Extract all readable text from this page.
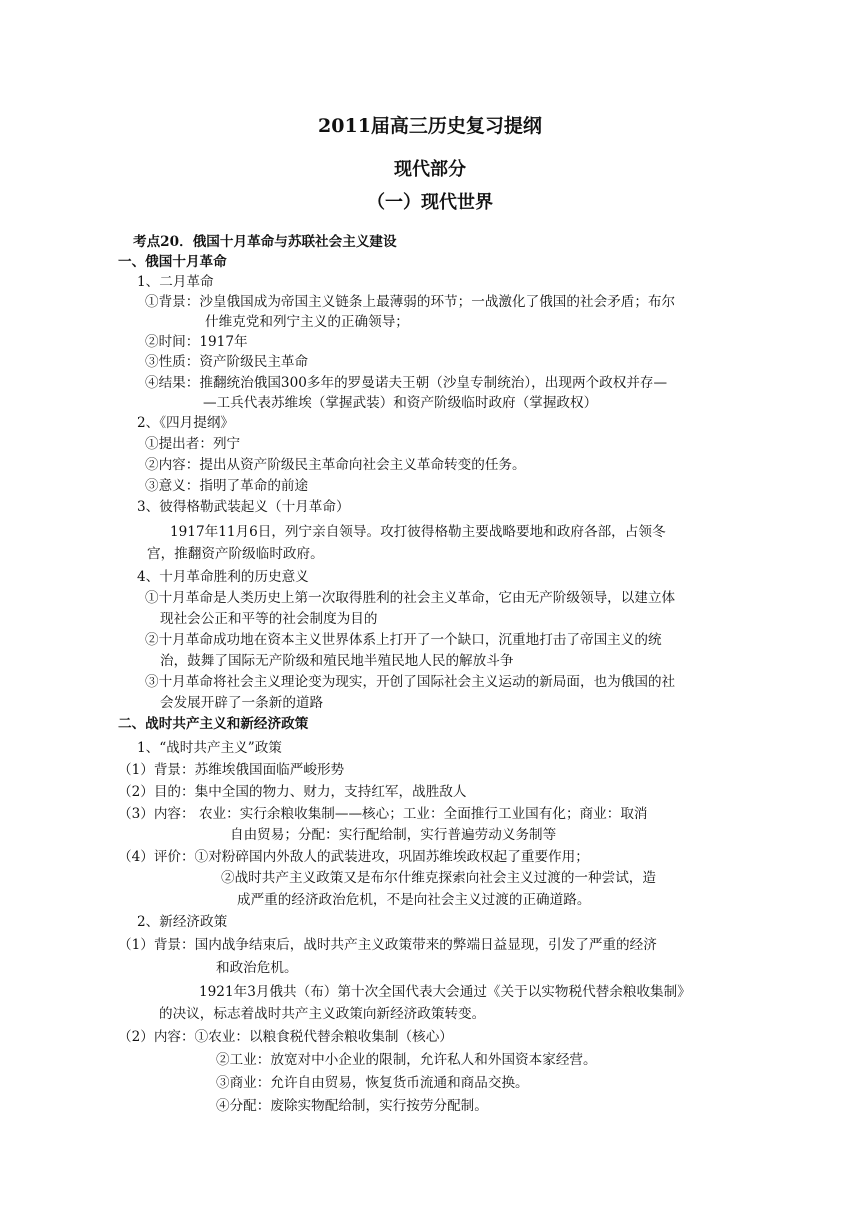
2011届高三历史复习提纲
现代部分
（一）现代世界
考点20．俄国十月革命与苏联社会主义建设
一、俄国十月革命
1、二月革命
①背景：沙皇俄国成为帝国主义链条上最薄弱的环节；一战激化了俄国的社会矛盾；布尔
什维克党和列宁主义的正确领导；
②时间：1917年
③性质：资产阶级民主革命
④结果：推翻统治俄国300多年的罗曼诺夫王朝（沙皇专制统治），出现两个政权并存—
—工兵代表苏维埃（掌握武装）和资产阶级临时政府（掌握政权）
2、《四月提纲》
①提出者：列宁
②内容：提出从资产阶级民主革命向社会主义革命转变的任务。
③意义：指明了革命的前途
3、彼得格勒武装起义（十月革命）
1917年11月6日，列宁亲自领导。攻打彼得格勒主要战略要地和政府各部，占领冬
宫，推翻资产阶级临时政府。
4、十月革命胜利的历史意义
①十月革命是人类历史上第一次取得胜利的社会主义革命，它由无产阶级领导，以建立体
现社会公正和平等的社会制度为目的
②十月革命成功地在资本主义世界体系上打开了一个缺口，沉重地打击了帝国主义的统
治，鼓舞了国际无产阶级和殖民地半殖民地人民的解放斗争
③十月革命将社会主义理论变为现实，开创了国际社会主义运动的新局面，也为俄国的社
会发展开辟了一条新的道路
二、战时共产主义和新经济政策
1、“战时共产主义”政策
（1）背景：苏维埃俄国面临严峻形势
（2）目的：集中全国的物力、财力，支持红军，战胜敌人
（3）内容： 农业：实行余粮收集制——核心；工业：全面推行工业国有化；商业：取消
自由贸易；分配：实行配给制，实行普遍劳动义务制等
（4）评价：①对粉碎国内外敌人的武装进攻，巩固苏维埃政权起了重要作用；
②战时共产主义政策又是布尔什维克探索向社会主义过渡的一种尝试，造
成严重的经济政治危机，不是向社会主义过渡的正确道路。
2、新经济政策
（1）背景：国内战争结束后，战时共产主义政策带来的弊端日益显现，引发了严重的经济
和政治危机。
1921年3月俄共（布）第十次全国代表大会通过《关于以实物税代替余粮收集制》
的决议，标志着战时共产主义政策向新经济政策转变。
（2）内容：①农业：以粮食税代替余粮收集制（核心）
②工业：放宽对中小企业的限制，允许私人和外国资本家经营。
③商业：允许自由贸易，恢复货币流通和商品交换。
④分配：废除实物配给制，实行按劳分配制。
